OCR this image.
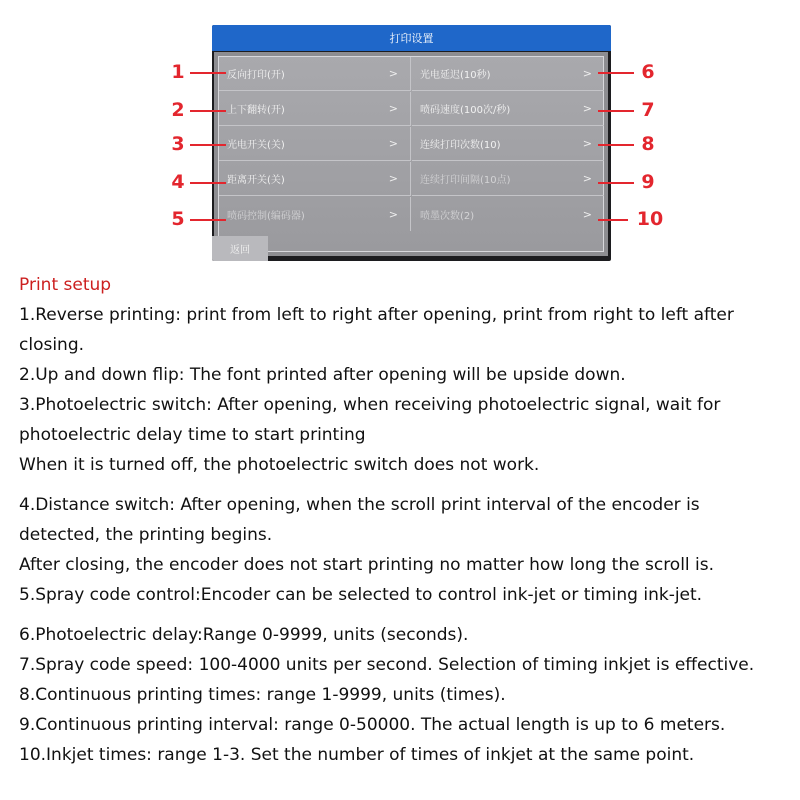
打印设置
反向打印(开)	>
上下翻转(开)	>
光电开关(关)	>
距离开关(关)	>
喷码控制(编码器)	>
光电延迟(10秒)	>
喷码速度(100次/秒)	>
连续打印次数(10)	>
连续打印间隔(10点)	>
喷墨次数(2)	>
返回
1
2
3
4
5
6
7
8
9
10
Print setup
1.Reverse printing: print from left to right after opening, print from right to left after
closing.
2.Up and down flip: The font printed after opening will be upside down.
3.Photoelectric switch: After opening, when receiving photoelectric signal, wait for
photoelectric delay time to start printing
When it is turned off, the photoelectric switch does not work.
4.Distance switch: After opening, when the scroll print interval of the encoder is
detected, the printing begins.
After closing, the encoder does not start printing no matter how long the scroll is.
5.Spray code control:Encoder can be selected to control ink-jet or timing ink-jet.
6.Photoelectric delay:Range 0-9999, units (seconds).
7.Spray code speed: 100-4000 units per second. Selection of timing inkjet is effective.
8.Continuous printing times: range 1-9999, units (times).
9.Continuous printing interval: range 0-50000. The actual length is up to 6 meters.
10.Inkjet times: range 1-3. Set the number of times of inkjet at the same point.
